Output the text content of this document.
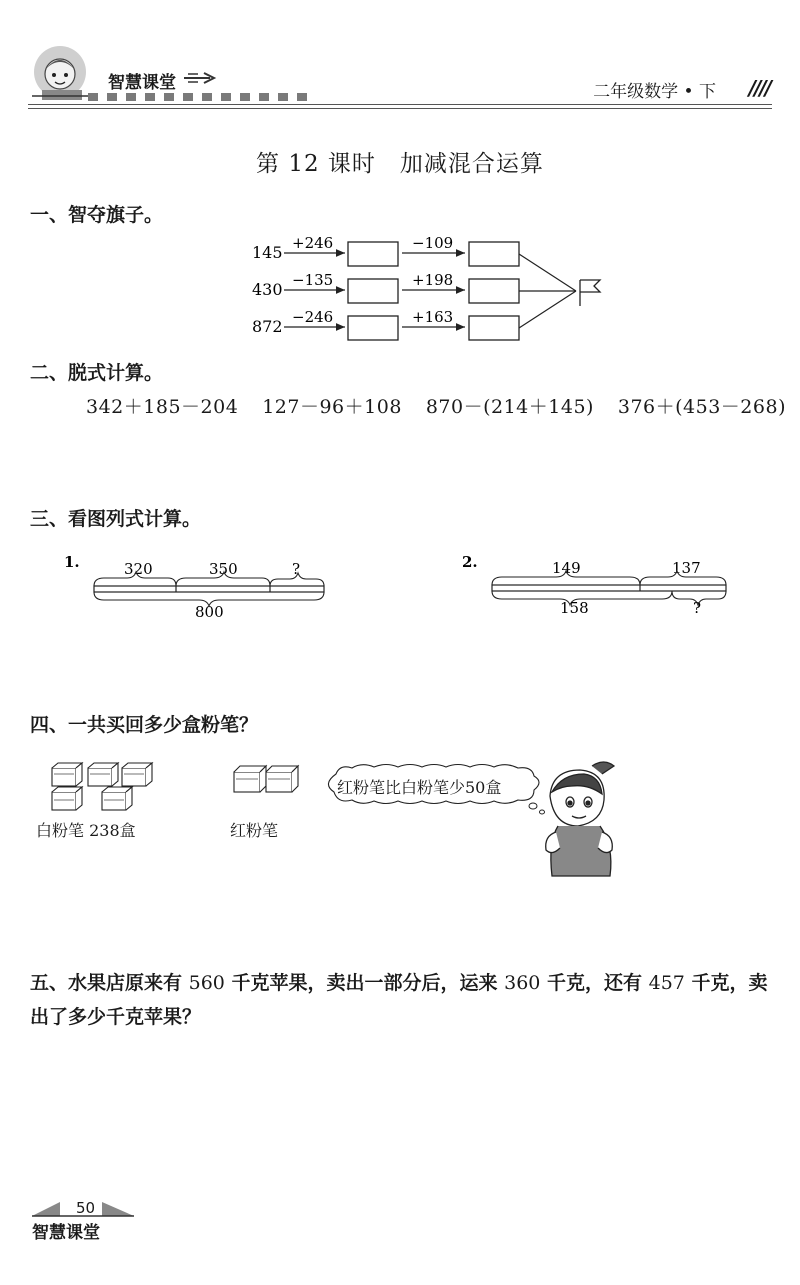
智慧课堂	二年级数学 • 下 ////
第 12 课时　加减混合运算
一、智夺旗子。
145 +246	−109
430 −135	+198
872 −246	+163
二、脱式计算。
342＋185－204 127－96＋108 870－(214＋145) 376＋(453－268)
三、看图列式计算。
1.	320	350	?
800
2.	149	137
158	?
四、一共买回多少盒粉笔？
白粉笔 238盒	红粉笔
红粉笔比白粉笔少50盒
五、水果店原来有 560 千克苹果，卖出一部分后，运来 360 千克，还有 457 千克，卖出了多少千克苹果？
50
智慧课堂
